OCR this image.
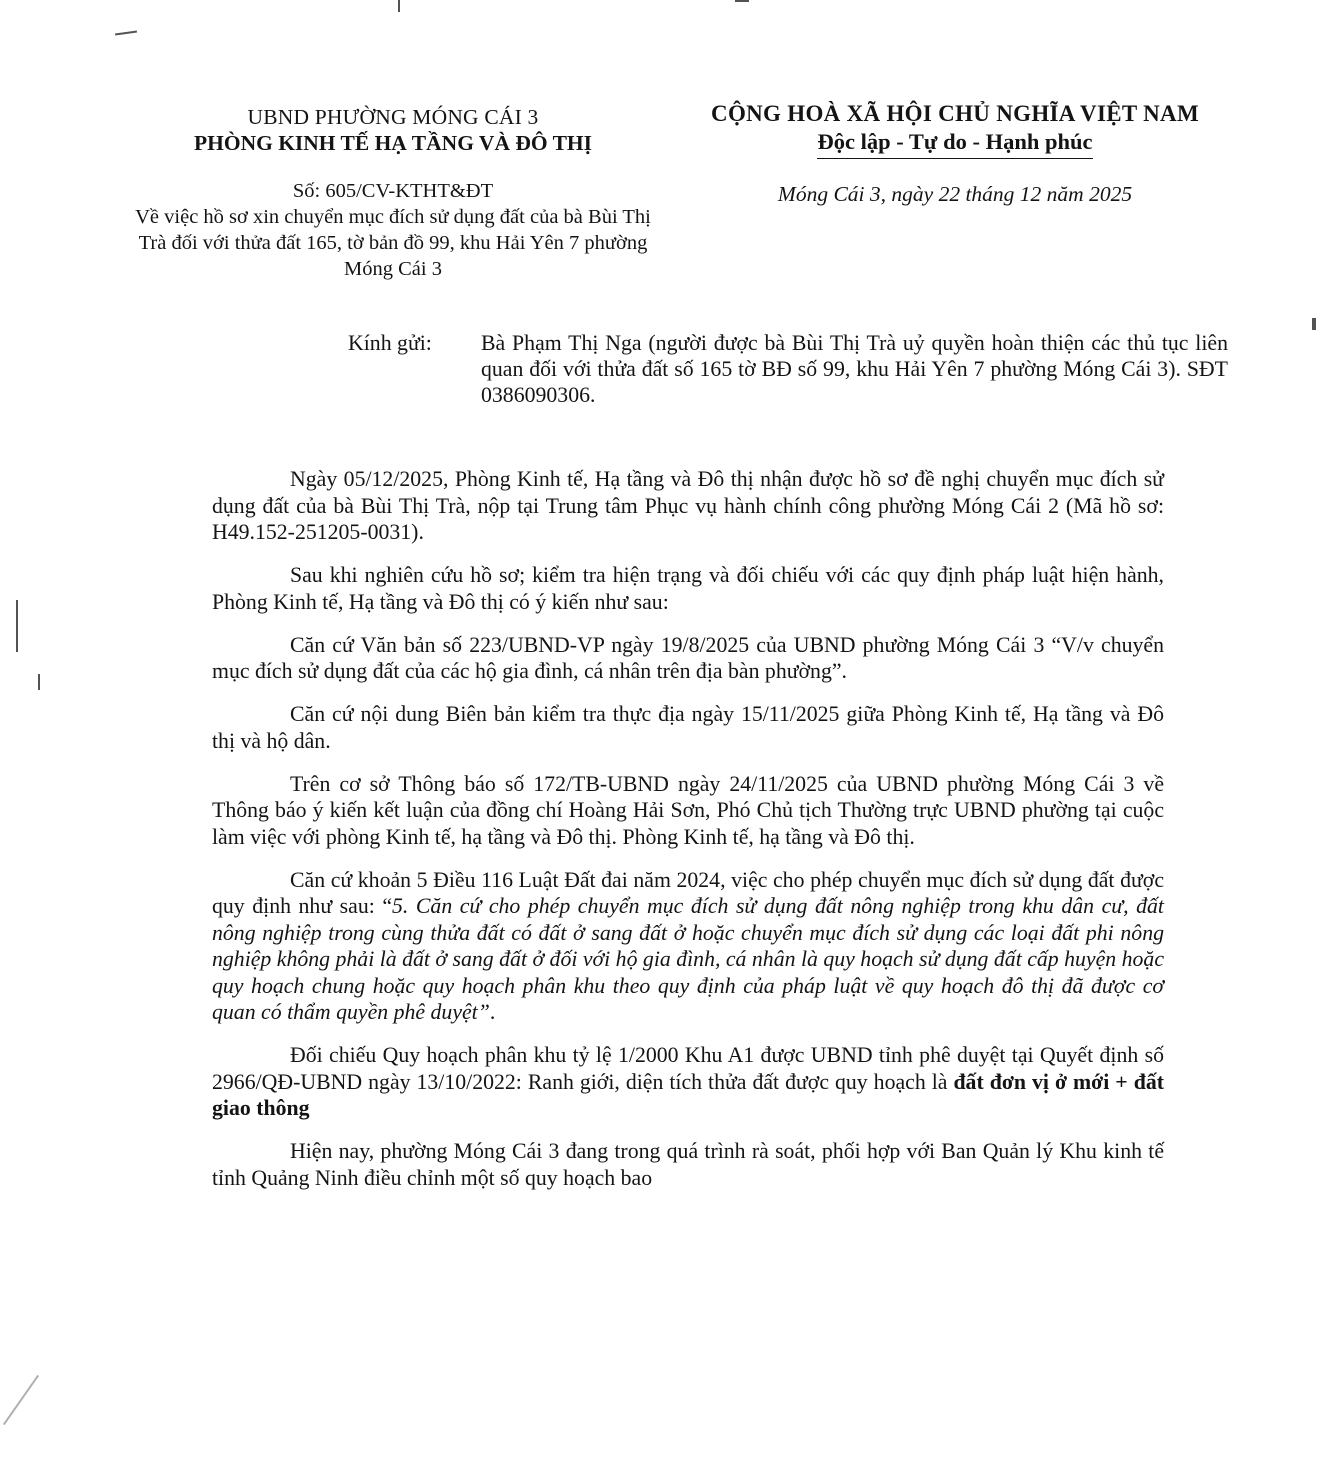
UBND PHƯỜNG MÓNG CÁI 3
PHÒNG KINH TẾ HẠ TẦNG VÀ ĐÔ THỊ
CỘNG HOÀ XÃ HỘI CHỦ NGHĨA VIỆT NAM
Độc lập - Tự do - Hạnh phúc
Số: 605/CV-KTHT&ĐT
Về việc hồ sơ xin chuyển mục đích sử dụng đất của bà Bùi Thị Trà đối với thửa đất 165, tờ bản đồ 99, khu Hải Yên 7 phường Móng Cái 3
Móng Cái 3, ngày 22 tháng 12 năm 2025
Kính gửi: Bà Phạm Thị Nga (người được bà Bùi Thị Trà uỷ quyền hoàn thiện các thủ tục liên quan đối với thửa đất số 165 tờ BĐ số 99, khu Hải Yên 7 phường Móng Cái 3). SĐT 0386090306.

Ngày 05/12/2025, Phòng Kinh tế, Hạ tầng và Đô thị nhận được hồ sơ đề nghị chuyển mục đích sử dụng đất của bà Bùi Thị Trà, nộp tại Trung tâm Phục vụ hành chính công phường Móng Cái 2 (Mã hồ sơ: H49.152-251205-0031).

Sau khi nghiên cứu hồ sơ; kiểm tra hiện trạng và đối chiếu với các quy định pháp luật hiện hành, Phòng Kinh tế, Hạ tầng và Đô thị có ý kiến như sau:

Căn cứ Văn bản số 223/UBND-VP ngày 19/8/2025 của UBND phường Móng Cái 3 “V/v chuyển mục đích sử dụng đất của các hộ gia đình, cá nhân trên địa bàn phường”.

Căn cứ nội dung Biên bản kiểm tra thực địa ngày 15/11/2025 giữa Phòng Kinh tế, Hạ tầng và Đô thị và hộ dân.

Trên cơ sở Thông báo số 172/TB-UBND ngày 24/11/2025 của UBND phường Móng Cái 3 về Thông báo ý kiến kết luận của đồng chí Hoàng Hải Sơn, Phó Chủ tịch Thường trực UBND phường tại cuộc làm việc với phòng Kinh tế, hạ tầng và Đô thị. Phòng Kinh tế, hạ tầng và Đô thị.

Căn cứ khoản 5 Điều 116 Luật Đất đai năm 2024, việc cho phép chuyển mục đích sử dụng đất được quy định như sau: “5. Căn cứ cho phép chuyển mục đích sử dụng đất nông nghiệp trong khu dân cư, đất nông nghiệp trong cùng thửa đất có đất ở sang đất ở hoặc chuyển mục đích sử dụng các loại đất phi nông nghiệp không phải là đất ở sang đất ở đối với hộ gia đình, cá nhân là quy hoạch sử dụng đất cấp huyện hoặc quy hoạch chung hoặc quy hoạch phân khu theo quy định của pháp luật về quy hoạch đô thị đã được cơ quan có thẩm quyền phê duyệt”.

Đối chiếu Quy hoạch phân khu tỷ lệ 1/2000 Khu A1 được UBND tỉnh phê duyệt tại Quyết định số 2966/QĐ-UBND ngày 13/10/2022: Ranh giới, diện tích thửa đất được quy hoạch là đất đơn vị ở mới + đất giao thông

Hiện nay, phường Móng Cái 3 đang trong quá trình rà soát, phối hợp với Ban Quản lý Khu kinh tế tỉnh Quảng Ninh điều chỉnh một số quy hoạch bao
